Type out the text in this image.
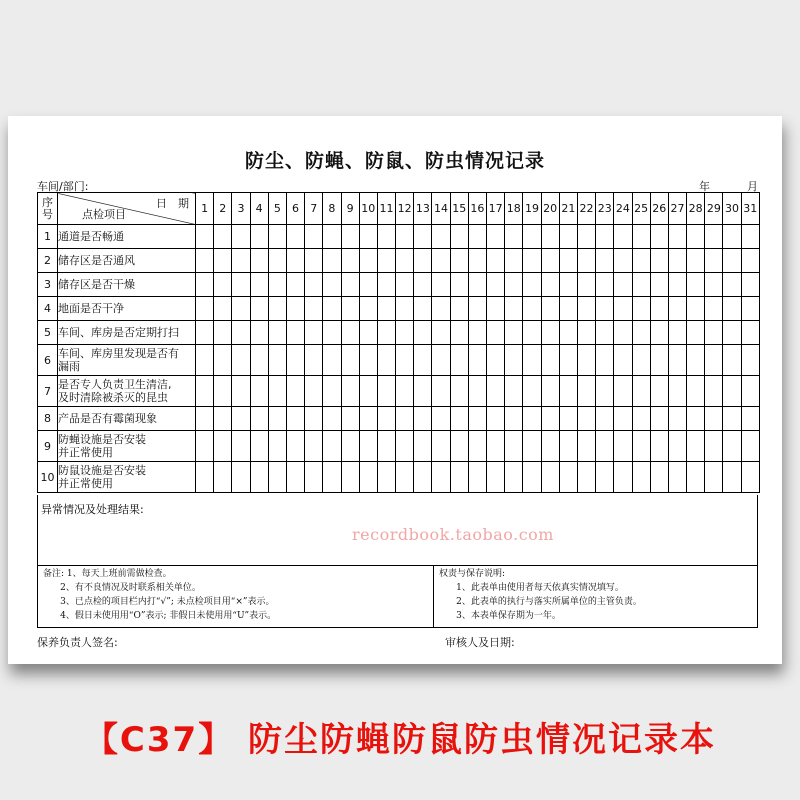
防尘、防蝇、防鼠、防虫情况记录
车间/部门:	年	月
序号	日　期
点检项目	1	2	3	4	5	6	7	8	9	10	11	12	13	14	15	16	17	18	19	20	21	22	23	24	25	26	27	28	29	30	31
1	通道是否畅通																															

2	储存区是否通风																															

3	储存区是否干燥																															

4	地面是否干净																															

5	车间、库房是否定期打扫																															

6	车间、库房里发现是否有
漏雨																															

7	是否专人负责卫生清洁,
及时清除被杀灭的昆虫																															

8	产品是否有霉菌现象																															

9	防蝇设施是否安装
并正常使用																															

10	防鼠设施是否安装
并正常使用																															

异常情况及处理结果:
recordbook.taobao.com
备注: 1、每天上班前需做检查。
2、有不良情况及时联系相关单位。
3、已点检的项目栏内打“√”; 未点检项目用“×”表示。
4、假日未使用用“O”表示; 非假日未使用用“U”表示。
权责与保存说明:
1、此表单由使用者每天依真实情况填写。
2、此表单的执行与落实所属单位的主管负责。
3、本表单保存期为一年。
保养负责人签名:	审核人及日期:
【C37】 防尘防蝇防鼠防虫情况记录本
